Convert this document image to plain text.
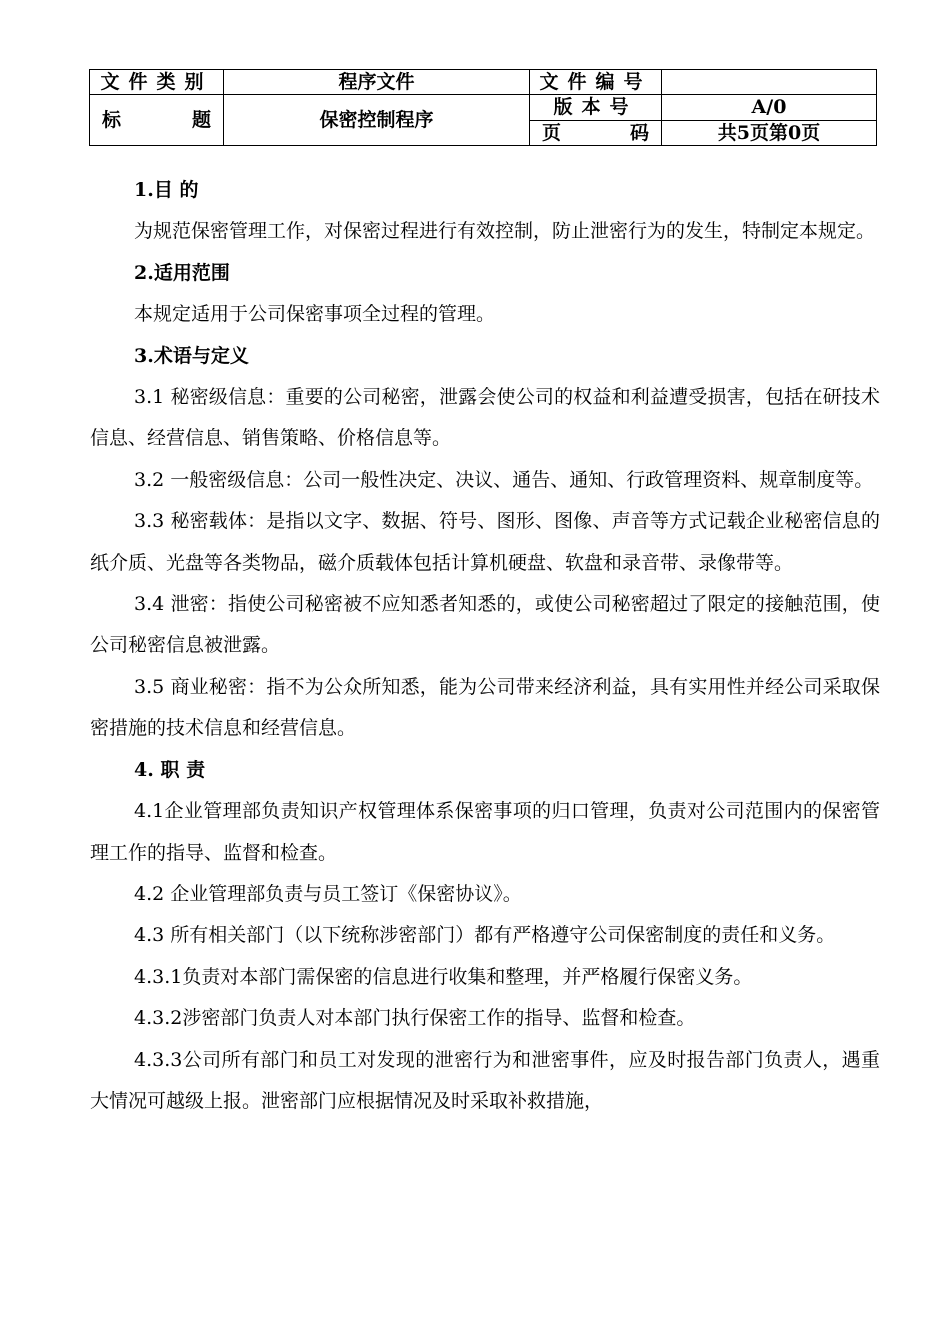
文件类别	程序文件	文件编号	

标 题	保密控制程序	版本号	A/0

		页 码	共5页第0页

1.目 的

为规范保密管理工作，对保密过程进行有效控制，防止泄密行为的发生，特制定本规定。

2.适用范围

本规定适用于公司保密事项全过程的管理。

3.术语与定义

3.1 秘密级信息：重要的公司秘密，泄露会使公司的权益和利益遭受损害，包括在研技术信息、经营信息、销售策略、价格信息等。

3.2 一般密级信息：公司一般性决定、决议、通告、通知、行政管理资料、规章制度等。

3.3 秘密载体：是指以文字、数据、符号、图形、图像、声音等方式记载企业秘密信息的纸介质、光盘等各类物品，磁介质载体包括计算机硬盘、软盘和录音带、录像带等。

3.4 泄密：指使公司秘密被不应知悉者知悉的，或使公司秘密超过了限定的接触范围，使公司秘密信息被泄露。

3.5 商业秘密：指不为公众所知悉，能为公司带来经济利益，具有实用性并经公司采取保密措施的技术信息和经营信息。

4. 职 责

4.1企业管理部负责知识产权管理体系保密事项的归口管理，负责对公司范围内的保密管理工作的指导、监督和检查。

4.2 企业管理部负责与员工签订《保密协议》。

4.3 所有相关部门（以下统称涉密部门）都有严格遵守公司保密制度的责任和义务。

4.3.1负责对本部门需保密的信息进行收集和整理，并严格履行保密义务。

4.3.2涉密部门负责人对本部门执行保密工作的指导、监督和检查。

4.3.3公司所有部门和员工对发现的泄密行为和泄密事件，应及时报告部门负责人，遇重大情况可越级上报。泄密部门应根据情况及时采取补救措施，
